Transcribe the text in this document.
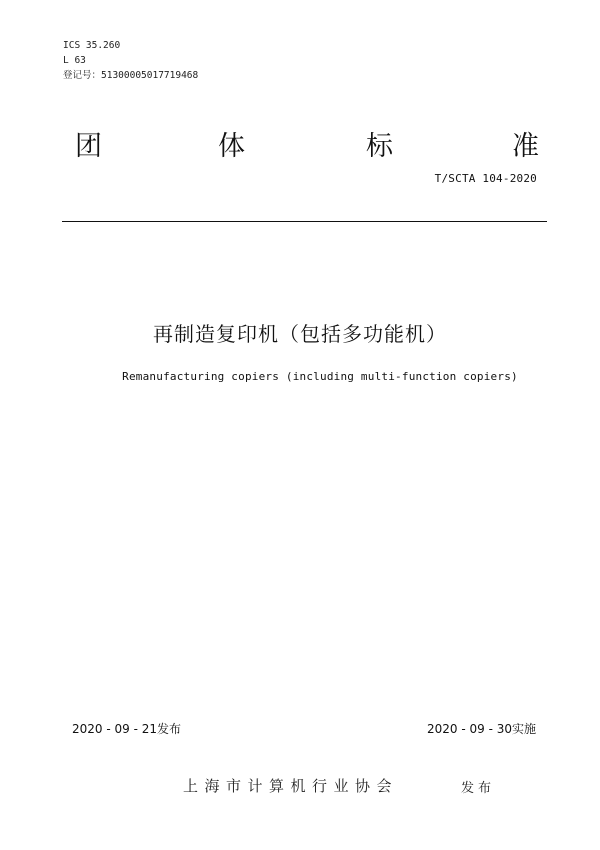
ICS 35.260
L 63
登记号：51300005017719468
团	体	标	准
T/SCTA 104-2020
再制造复印机（包括多功能机）
Remanufacturing copiers (including multi-function copiers)
2020 - 09 - 21发布	2020 - 09 - 30实施
上海市计算机行业协会	发布
